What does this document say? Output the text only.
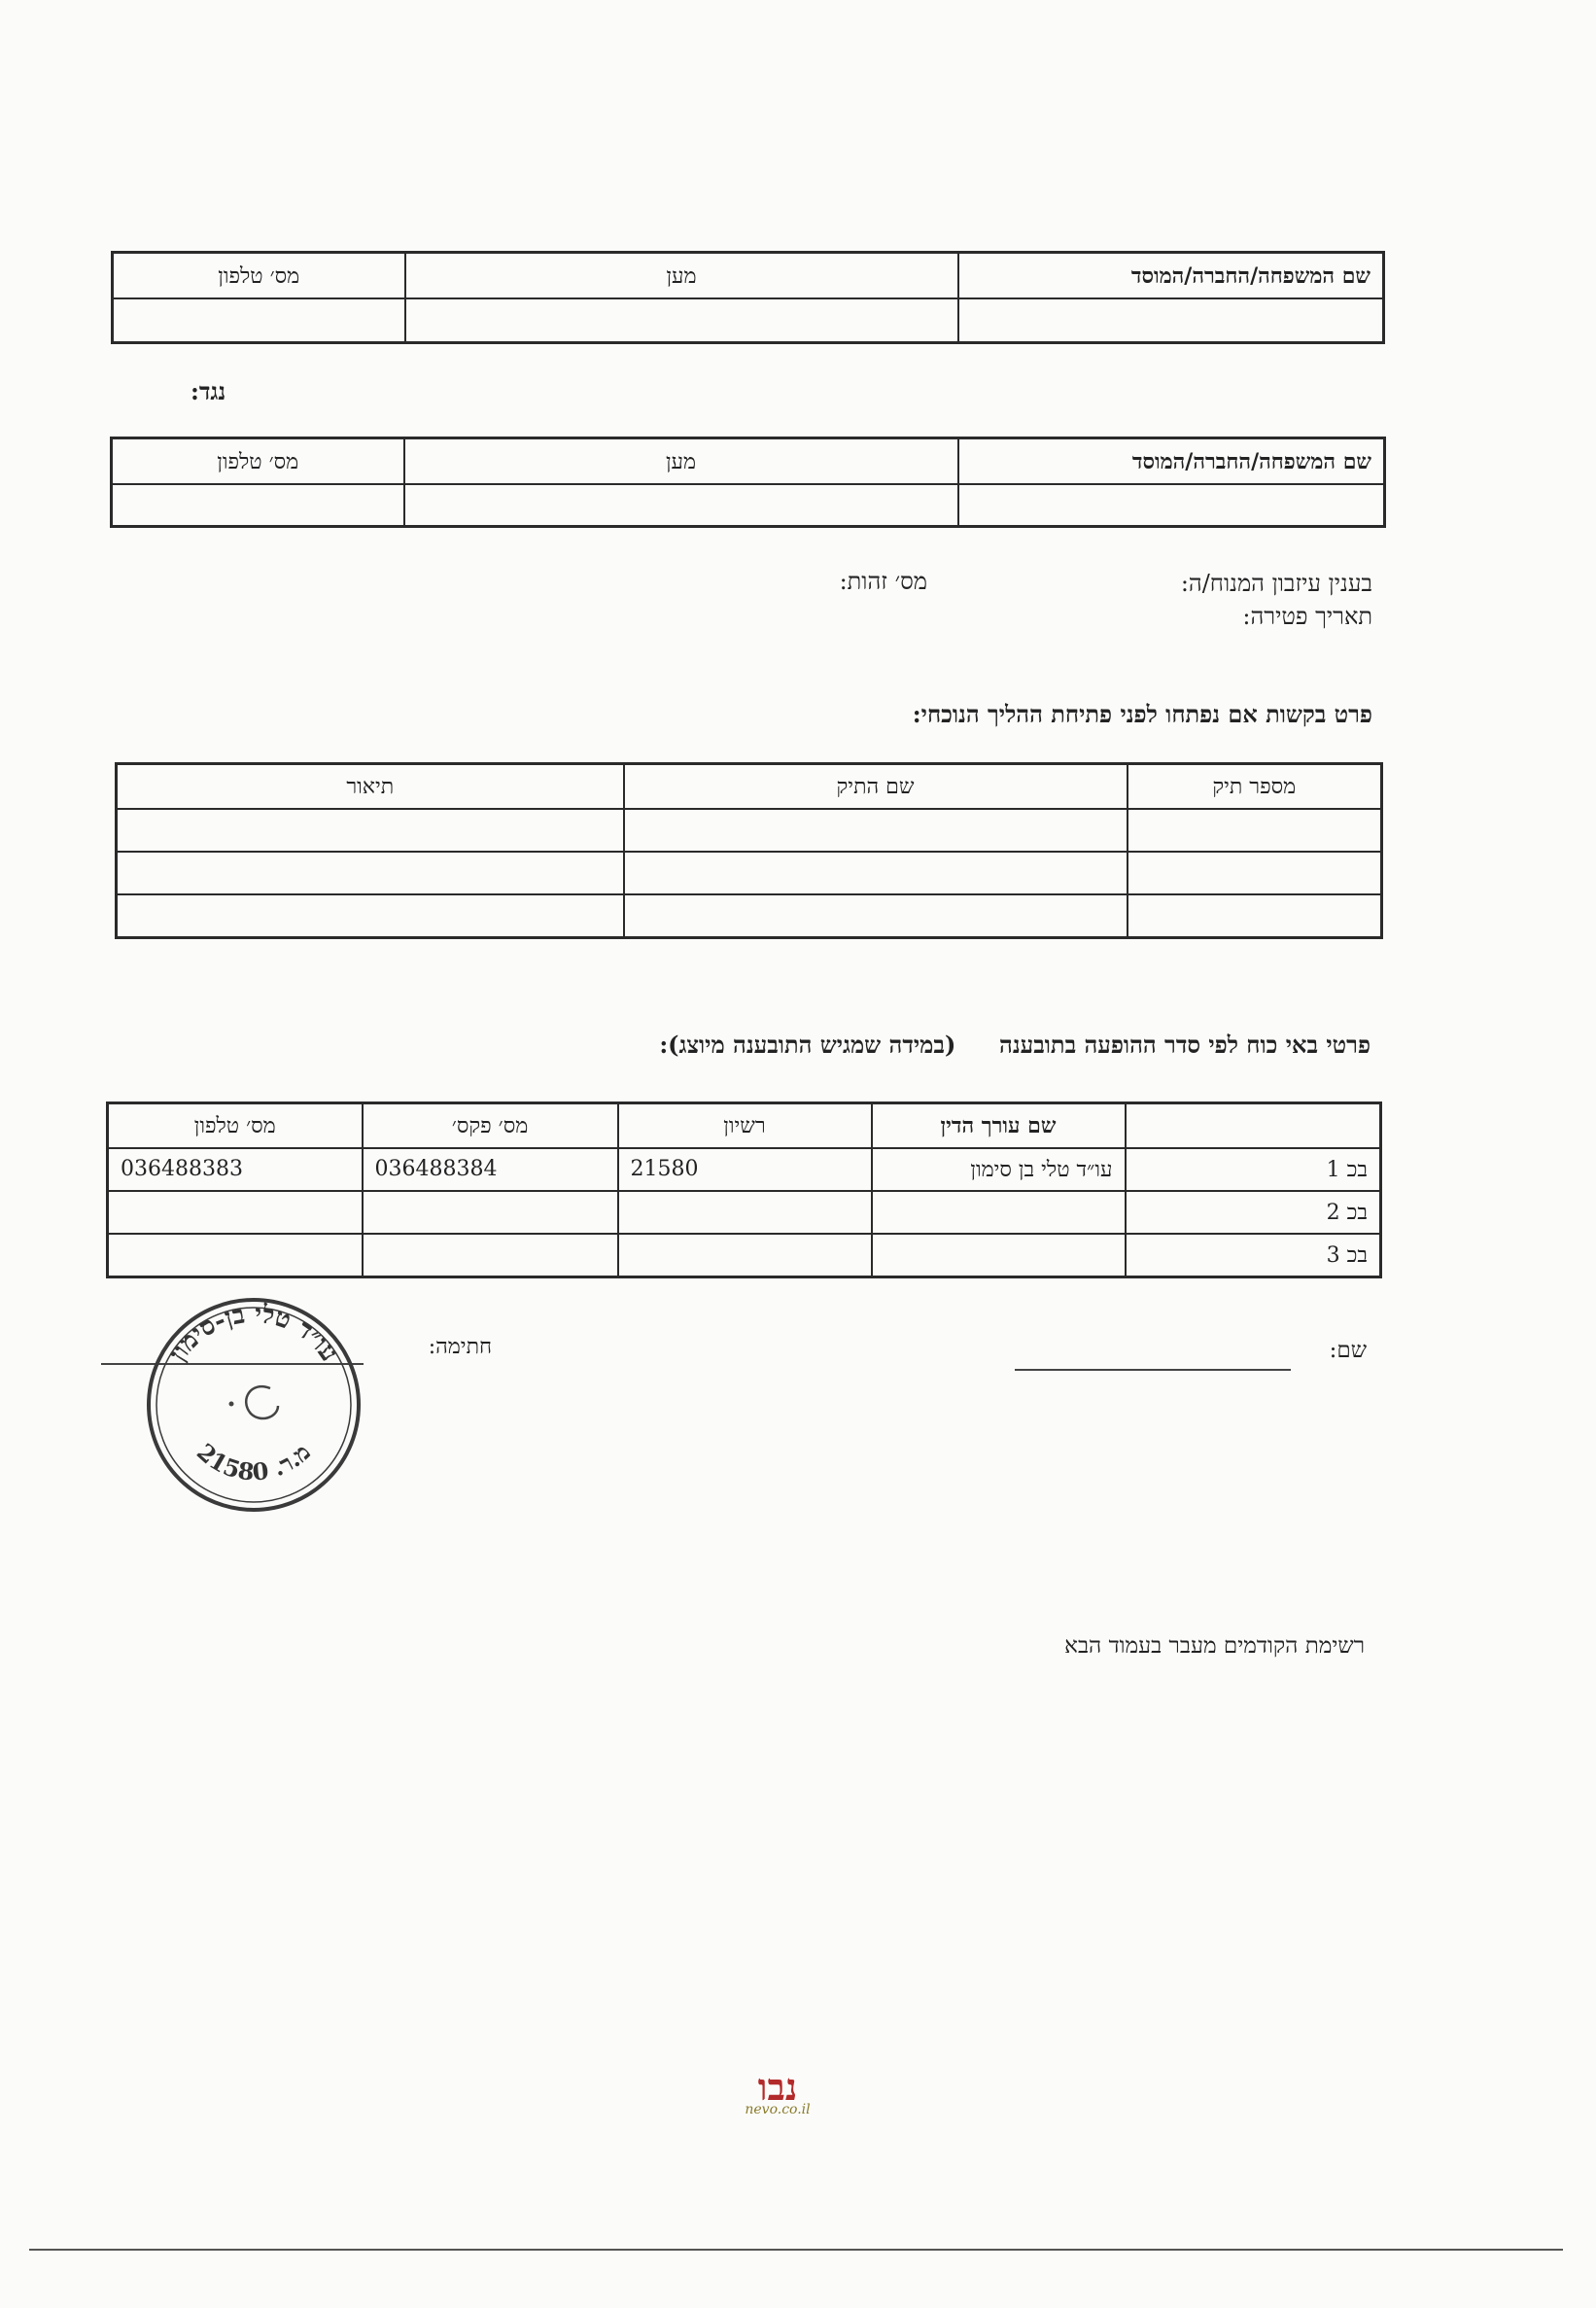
שם המשפחה/החברה/המוסד	מען	מס׳ טלפון

נגד:
שם המשפחה/החברה/המוסד	מען	מס׳ טלפון

בענין עיזבון המנוח/ה:
מס׳ זהות:
תאריך פטירה:
פרט בקשות אם נפתחו לפני פתיחת ההליך הנוכחי:
מספר תיק	שם התיק	תיאור

פרטי באי כוח לפי סדר ההופעה בתובענה  (במידה שמגיש התובענה מיוצג):
	שם עורך הדין	רשיון	מס׳ פקס׳	מס׳ טלפון
בכ 1	עו״ד טלי בן סימון	21580	036488384	036488383
בכ 2				
בכ 3				
שם:
חתימה:
עו״ד טלי בן-סימון
מ.ר. 21580
רשימת הקודמים מעבר בעמוד הבא
נבו
nevo.co.il
